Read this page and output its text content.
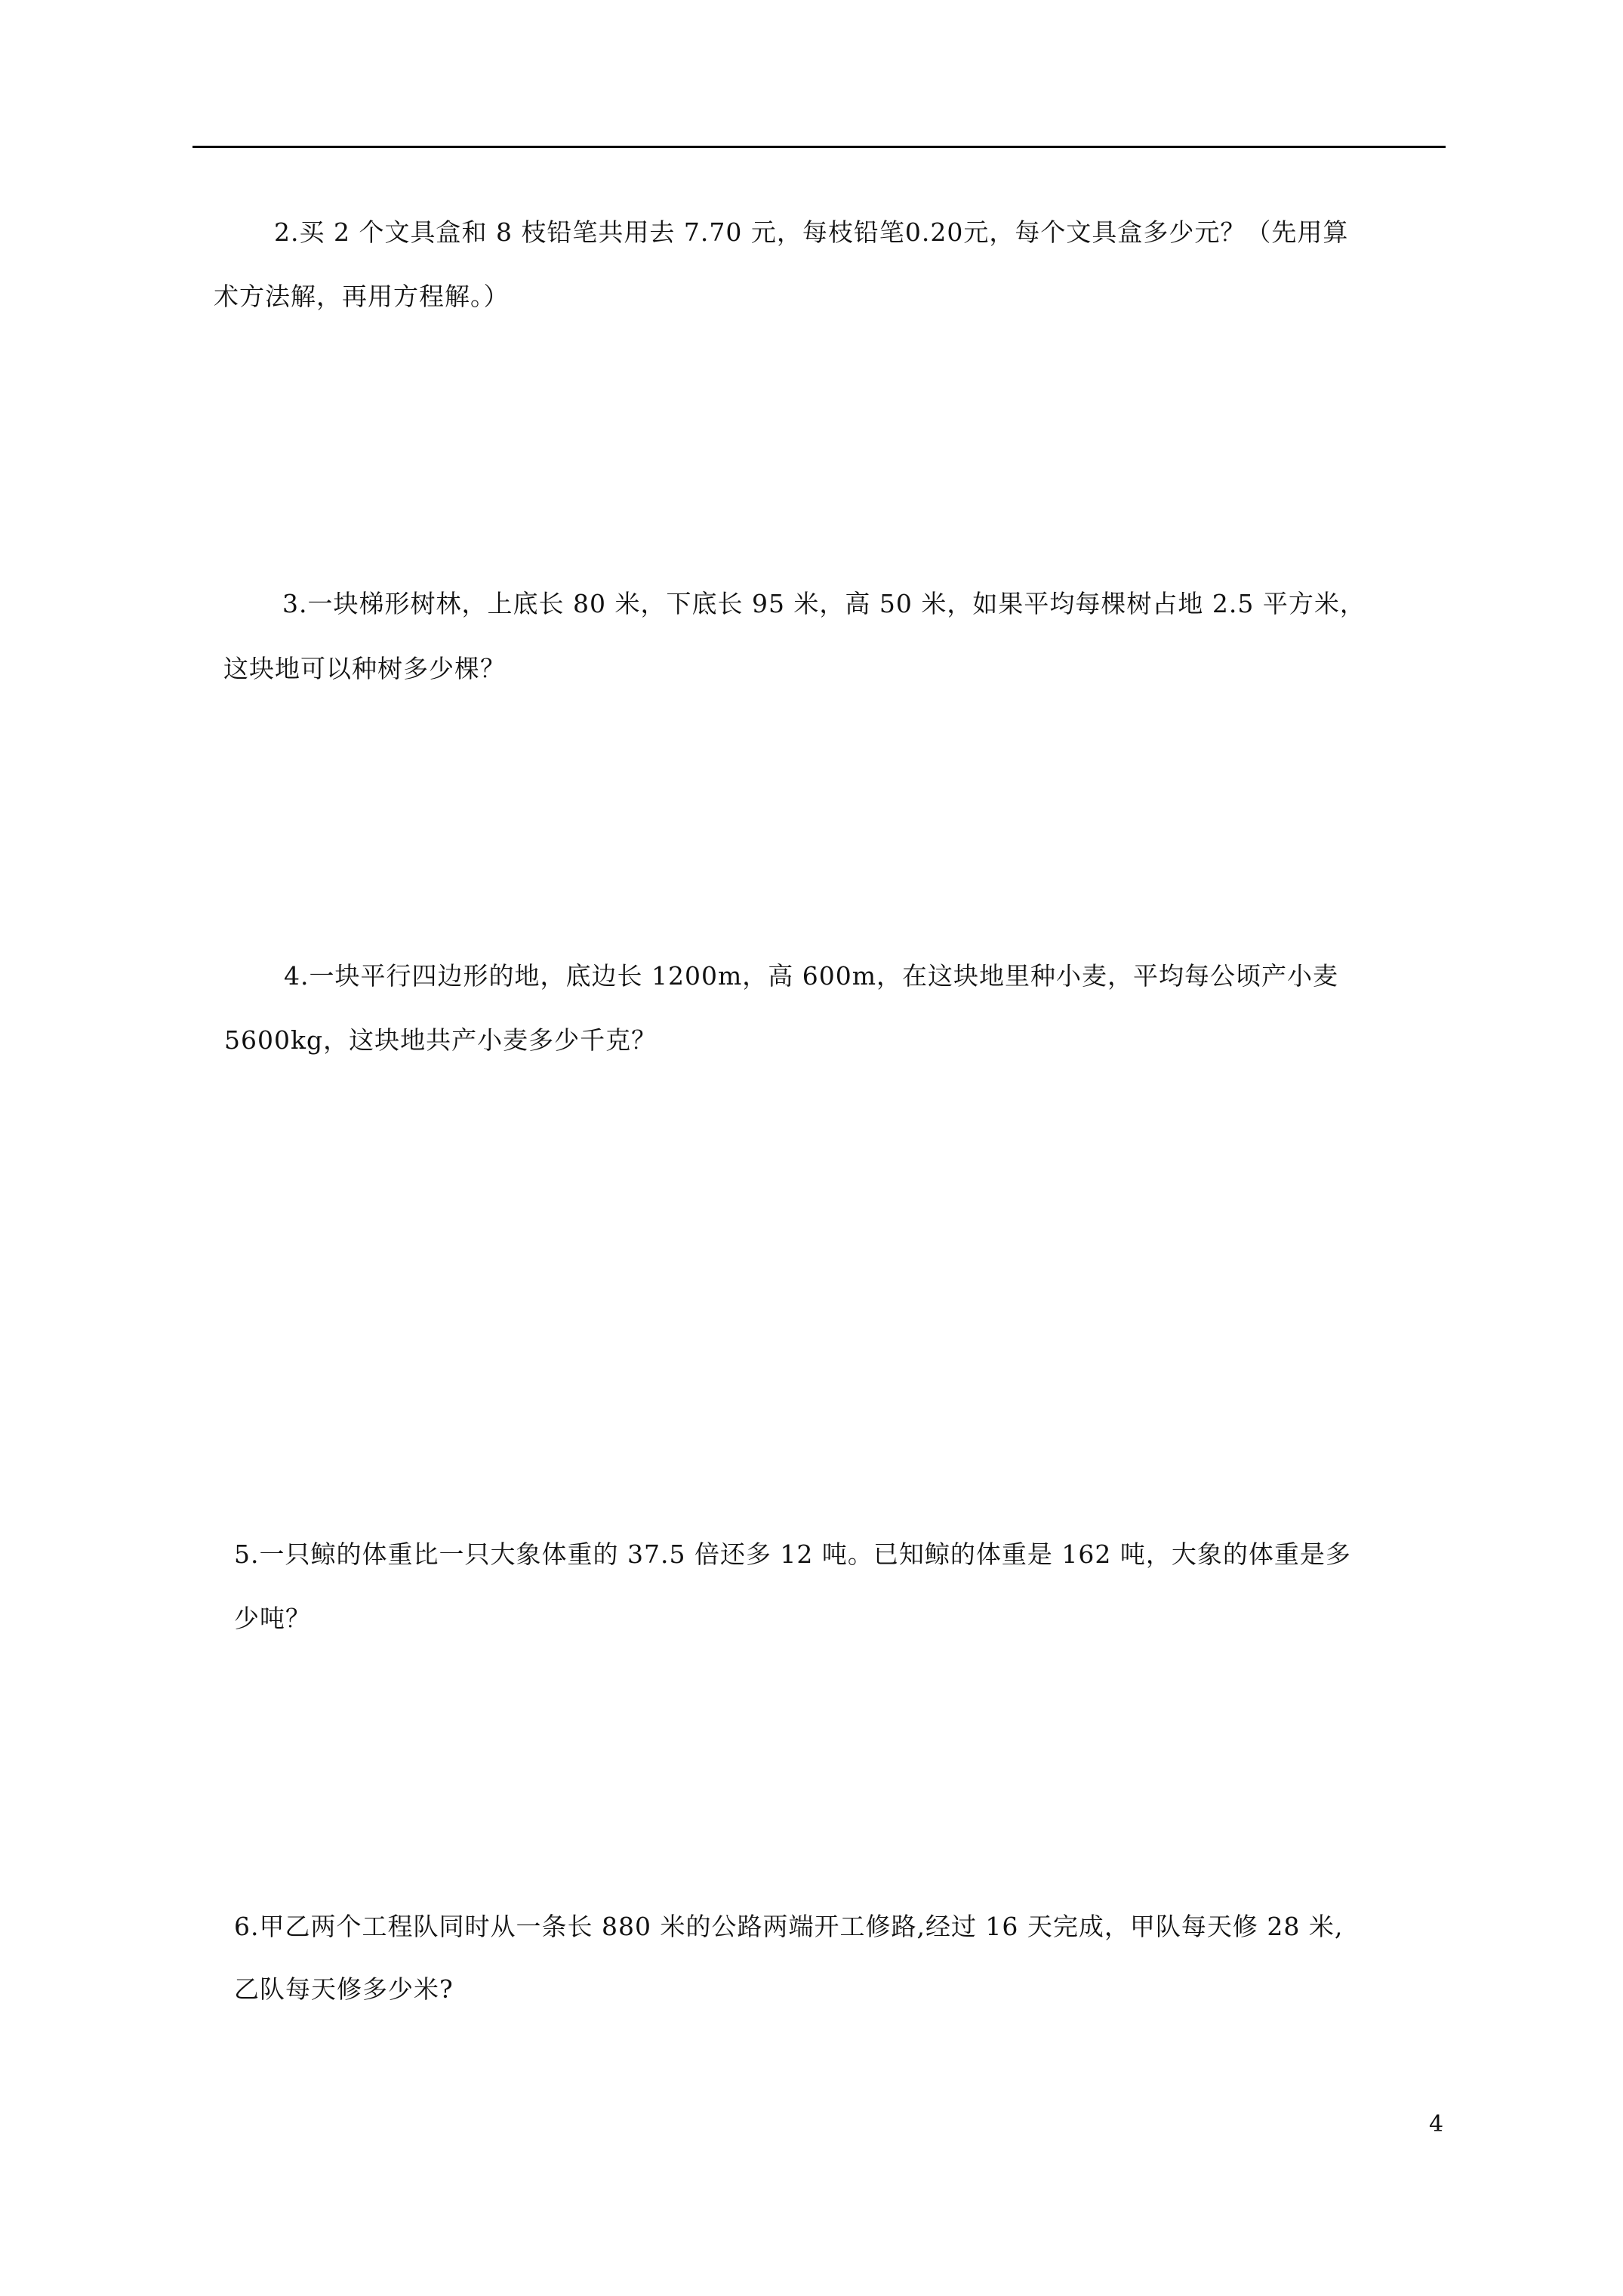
2.买 2 个文具盒和 8 枝铅笔共用去 7.70 元，每枝铅笔0.20元，每个文具盒多少元？（先用算
术方法解，再用方程解。）
3.一块梯形树林，上底长 80 米，下底长 95 米，高 50 米，如果平均每棵树占地 2.5 平方米，
这块地可以种树多少棵？
4.一块平行四边形的地，底边长 1200m，高 600m，在这块地里种小麦，平均每公顷产小麦
5600kg，这块地共产小麦多少千克？
5.一只鲸的体重比一只大象体重的 37.5 倍还多 12 吨。已知鲸的体重是 162 吨，大象的体重是多
少吨？
6.甲乙两个工程队同时从一条长 880 米的公路两端开工修路,经过 16 天完成，甲队每天修 28 米,
乙队每天修多少米?
4
